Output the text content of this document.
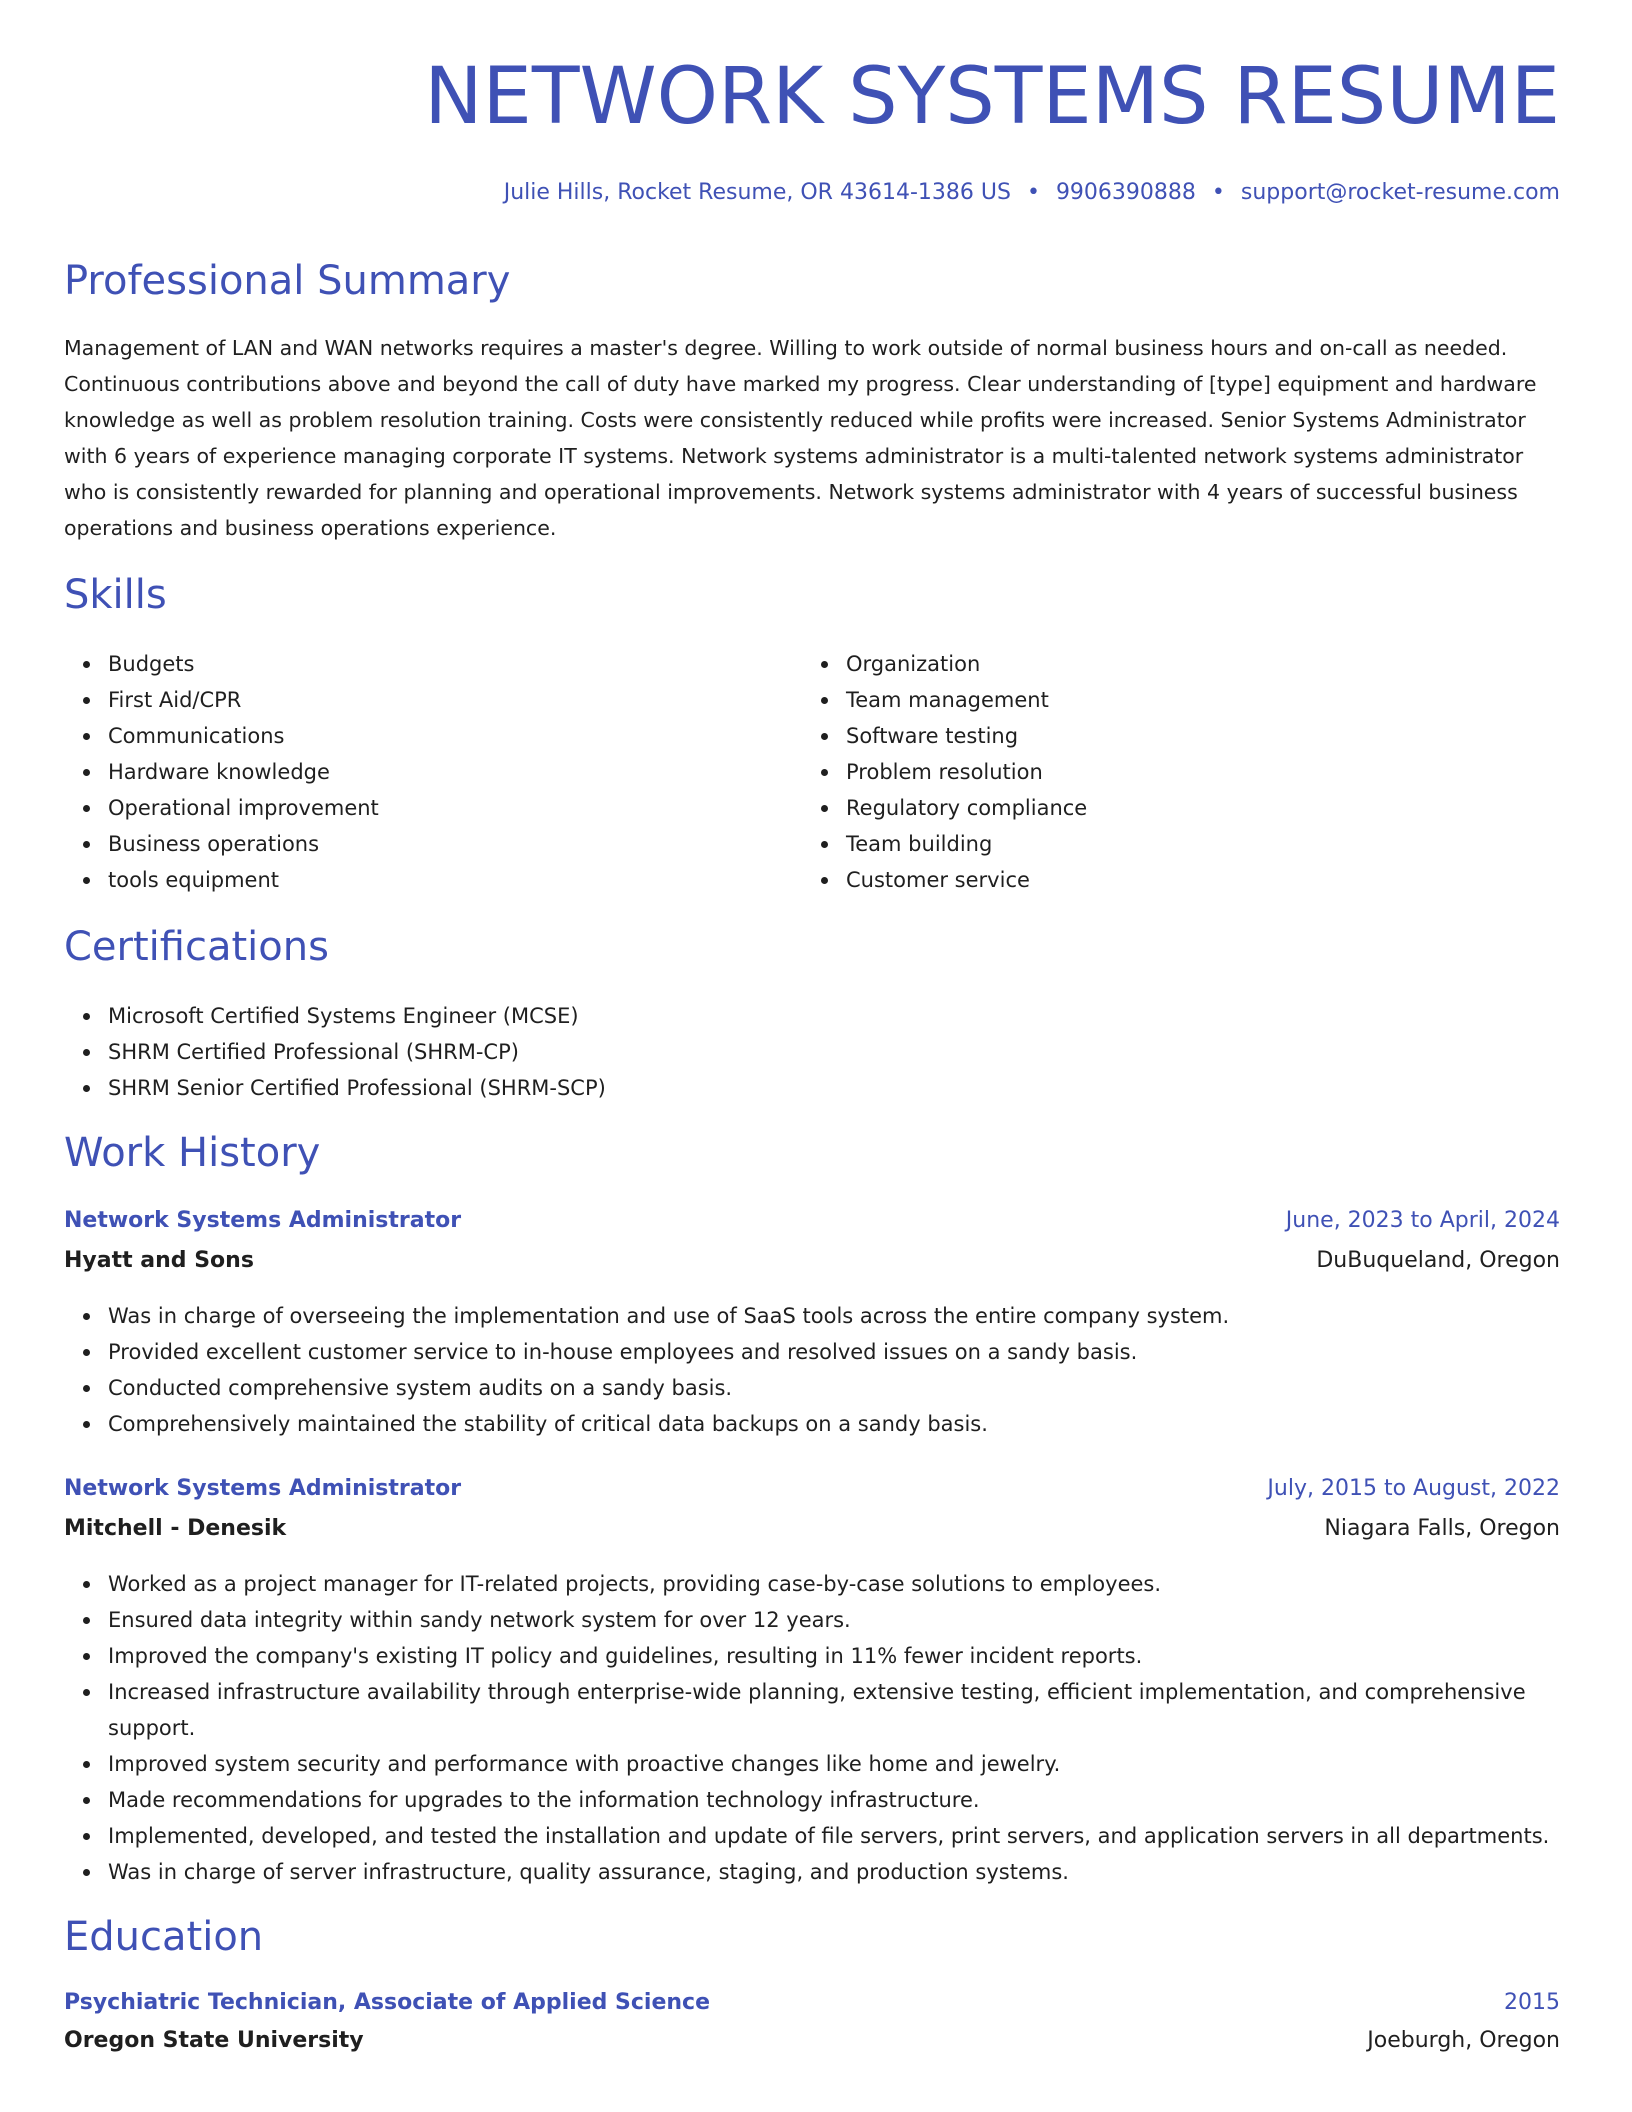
NETWORK SYSTEMS RESUME
Julie Hills, Rocket Resume, OR 43614-1386 US • 9906390888 • support@rocket-resume.com
Professional Summary

Management of LAN and WAN networks requires a master's degree. Willing to work outside of normal business hours and on-call as needed. Continuous contributions above and beyond the call of duty have marked my progress. Clear understanding of [type] equipment and hardware knowledge as well as problem resolution training. Costs were consistently reduced while profits were increased. Senior Systems Administrator with 6 years of experience managing corporate IT systems. Network systems administrator is a multi-talented network systems administrator who is consistently rewarded for planning and operational improvements. Network systems administrator with 4 years of successful business operations and business operations experience.

Skills
Budgets
First Aid/CPR
Communications
Hardware knowledge
Operational improvement
Business operations
tools equipment
Organization
Team management
Software testing
Problem resolution
Regulatory compliance
Team building
Customer service
Certifications
Microsoft Certified Systems Engineer (MCSE)
SHRM Certified Professional (SHRM-CP)
SHRM Senior Certified Professional (SHRM-SCP)
Work History
Network Systems Administrator	June, 2023 to April, 2024
Hyatt and Sons	DuBuqueland, Oregon
Was in charge of overseeing the implementation and use of SaaS tools across the entire company system.
Provided excellent customer service to in-house employees and resolved issues on a sandy basis.
Conducted comprehensive system audits on a sandy basis.
Comprehensively maintained the stability of critical data backups on a sandy basis.
Network Systems Administrator	July, 2015 to August, 2022
Mitchell - Denesik	Niagara Falls, Oregon
Worked as a project manager for IT-related projects, providing case-by-case solutions to employees.
Ensured data integrity within sandy network system for over 12 years.
Improved the company's existing IT policy and guidelines, resulting in 11% fewer incident reports.
Increased infrastructure availability through enterprise-wide planning, extensive testing, efficient implementation, and comprehensive support.
Improved system security and performance with proactive changes like home and jewelry.
Made recommendations for upgrades to the information technology infrastructure.
Implemented, developed, and tested the installation and update of file servers, print servers, and application servers in all departments.
Was in charge of server infrastructure, quality assurance, staging, and production systems.
Education
Psychiatric Technician, Associate of Applied Science	2015
Oregon State University	Joeburgh, Oregon
